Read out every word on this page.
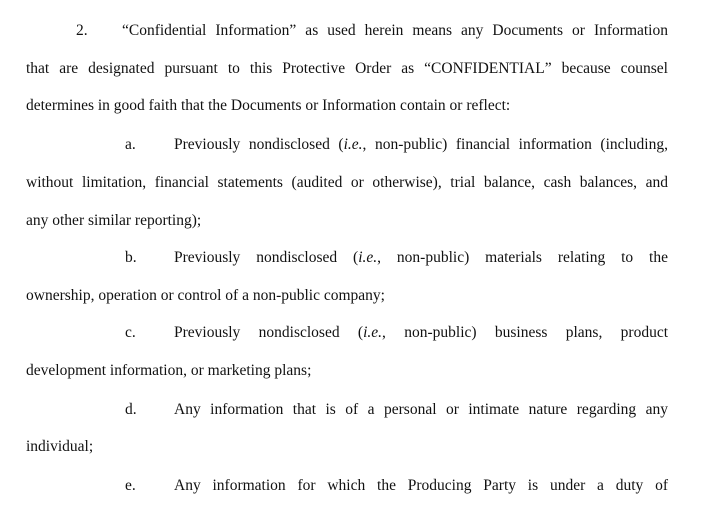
2. “Confidential Information” as used herein means any Documents or Information
that are designated pursuant to this Protective Order as “CONFIDENTIAL” because counsel
determines in good faith that the Documents or Information contain or reflect:
a. Previously nondisclosed (i.e., non-public) financial information (including,
without limitation, financial statements (audited or otherwise), trial balance, cash balances, and
any other similar reporting);
b. Previously nondisclosed (i.e., non-public) materials relating to the
ownership, operation or control of a non-public company;
c. Previously nondisclosed (i.e., non-public) business plans, product
development information, or marketing plans;
d. Any information that is of a personal or intimate nature regarding any
individual;
e. Any information for which the Producing Party is under a duty of
